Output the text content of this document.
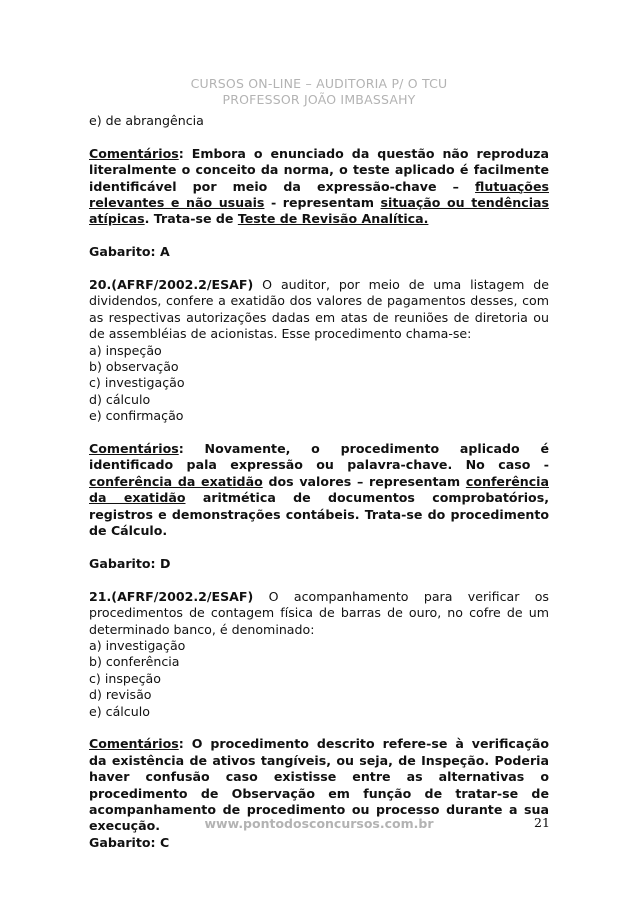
CURSOS ON-LINE – AUDITORIA P/ O TCU
PROFESSOR JOÃO IMBASSAHY

e) de abrangência

Comentários: Embora o enunciado da questão não reproduza literalmente o conceito da norma, o teste aplicado é facilmente identificável por meio da expressão-chave – flutuações relevantes e não usuais - representam situação ou tendências atípicas. Trata-se de Teste de Revisão Analítica.

Gabarito: A

20.(AFRF/2002.2/ESAF) O auditor, por meio de uma listagem de dividendos, confere a exatidão dos valores de pagamentos desses, com as respectivas autorizações dadas em atas de reuniões de diretoria ou de assembléias de acionistas. Esse procedimento chama-se:

a) inspeção

b) observação

c) investigação

d) cálculo

e) confirmação

Comentários: Novamente, o procedimento aplicado é identificado pala expressão ou palavra-chave. No caso - conferência da exatidão dos valores – representam conferência da exatidão aritmética de documentos comprobatórios, registros e demonstrações contábeis. Trata-se do procedimento de Cálculo.

Gabarito: D

21.(AFRF/2002.2/ESAF) O acompanhamento para verificar os procedimentos de contagem física de barras de ouro, no cofre de um determinado banco, é denominado:

a) investigação

b) conferência

c) inspeção

d) revisão

e) cálculo

Comentários: O procedimento descrito refere-se à verificação da existência de ativos tangíveis, ou seja, de Inspeção. Poderia haver confusão caso existisse entre as alternativas o procedimento de Observação em função de tratar-se de acompanhamento de procedimento ou processo durante a sua execução.

Gabarito: C

www.pontodosconcursos.com.br	21
